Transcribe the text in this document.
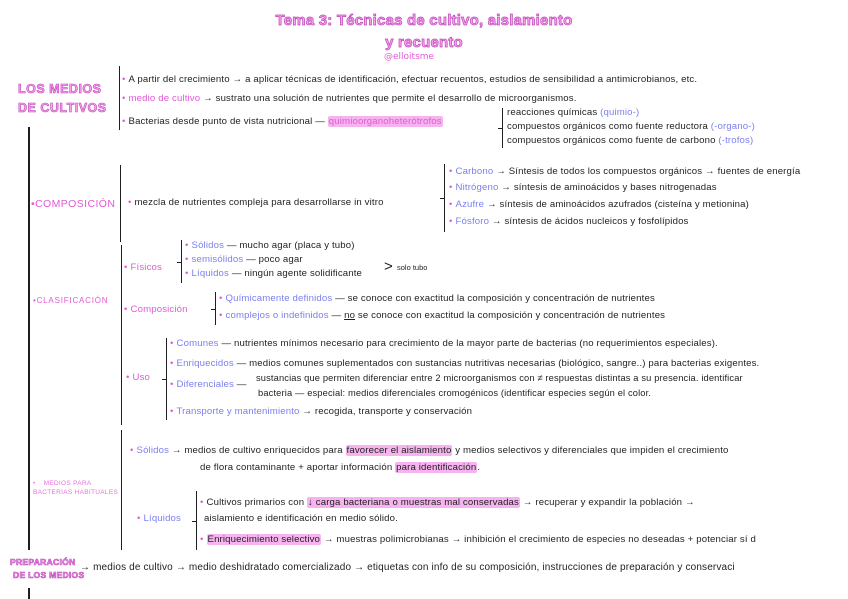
Tema 3: Técnicas de cultivo, aislamiento
y recuento
@elloitsme
LOS MEDIOS
DE CULTIVOS
• A partir del crecimiento → a aplicar técnicas de identificación, efectuar recuentos, estudios de sensibilidad a antimicrobianos, etc.
• medio de cultivo → sustrato una solución de nutrientes que permite el desarrollo de microorganismos.
• Bacterias desde punto de vista nutricional — quimioorganoheterótrofos
reacciones químicas (quimio-)
compuestos orgánicos como fuente reductora (-organo-)
compuestos orgánicos como fuente de carbono (-trofos)
•COMPOSICIÓN • mezcla de nutrientes compleja para desarrollarse in vitro
• Carbono → Síntesis de todos los compuestos orgánicos → fuentes de energía
• Nitrógeno → síntesis de aminoácidos y bases nitrogenadas
• Azufre → síntesis de aminoácidos azufrados (cisteína y metionina)
• Fósforo → síntesis de ácidos nucleicos y fosfolípidos
•CLASIFICACIÓN
• Físicos
• Sólidos — mucho agar (placa y tubo)
• semisólidos — poco agar
• Líquidos — ningún agente solidificante	> solo tubo
• Composición
• Químicamente definidos — se conoce con exactitud la composición y concentración de nutrientes
• complejos o indefinidos — no se conoce con exactitud la composición y concentración de nutrientes
• Uso
• Comunes — nutrientes mínimos necesario para crecimiento de la mayor parte de bacterias (no requerimientos especiales).
• Enriquecidos — medios comunes suplementados con sustancias nutritivas necesarias (biológico, sangre..) para bacterias exigentes.
• Diferenciales —
sustancias que permiten diferenciar entre 2 microorganismos con ≠ respuestas distintas a su presencia. identificar
bacteria — especial: medios diferenciales cromogénicos (identificar especies según el color.
• Transporte y mantenimiento → recogida, transporte y conservación
• MEDIOS PARA
BACTERIAS HABITUALES
• Sólidos → medios de cultivo enriquecidos para favorecer el aislamiento y medios selectivos y diferenciales que impiden el crecimiento
de flora contaminante + aportar información para identificación.
• Líquidos
• Cultivos primarios con ↓ carga bacteriana o muestras mal conservadas → recuperar y expandir la población →
aislamiento e identificación en medio sólido.
• Enriquecimiento selectivo → muestras polimicrobianas → inhibición el crecimiento de especies no deseadas + potenciar sí d
PREPARACIÓN
DE LOS MEDIOS
→ medios de cultivo → medio deshidratado comercializado → etiquetas con info de su composición, instrucciones de preparación y conservaci
